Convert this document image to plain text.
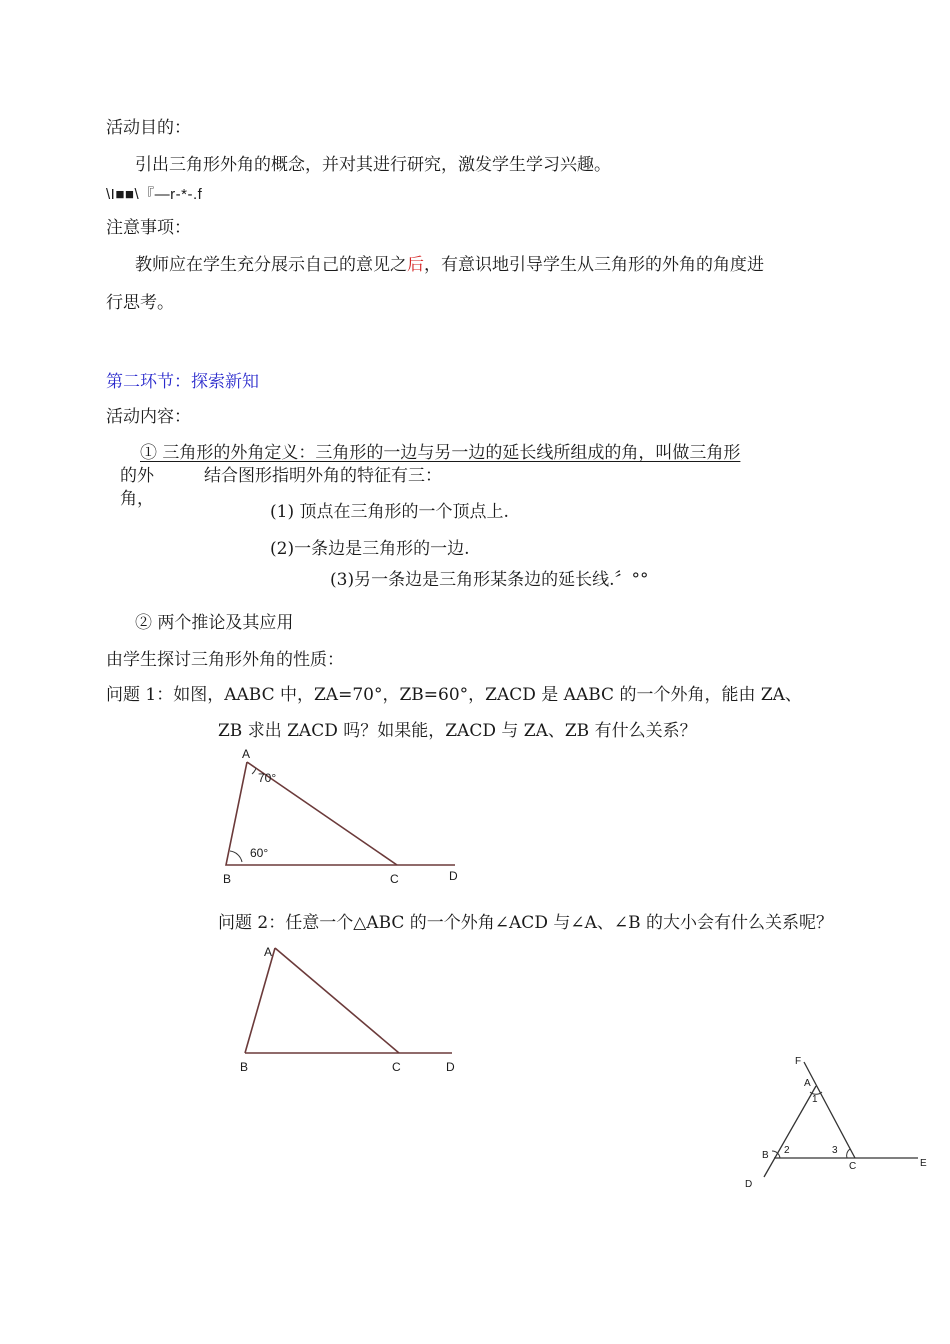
活动目的：
引出三角形外角的概念，并对其进行研究，激发学生学习兴趣。
\I■■\『—r-*-.f
注意事项：
教师应在学生充分展示自己的意见之后，有意识地引导学生从三角形的外角的角度进
行思考。
第二环节：探索新知
活动内容：
① 三角形的外角定义：三角形的一边与另一边的延长线所组成的角，叫做三角形
的外
角，
结合图形指明外角的特征有三：
(1) 顶点在三角形的一个顶点上.
(2)一条边是三角形的一边.
(3)另一条边是三角形某条边的延长线.〞°°
② 两个推论及其应用
由学生探讨三角形外角的性质：
问题 1：如图，AABC 中，ZA=70°，ZB=60°，ZACD 是 AABC 的一个外角，能由 ZA、
ZB 求出 ZACD 吗？如果能，ZACD 与 ZA、ZB 有什么关系？
A
70°
60°
B	C	D
问题 2：任意一个△ABC 的一个外角∠ACD 与∠A、∠B 的大小会有什么关系呢？
A
B	C	D	F
A
1
B 2	3
C	E
D
